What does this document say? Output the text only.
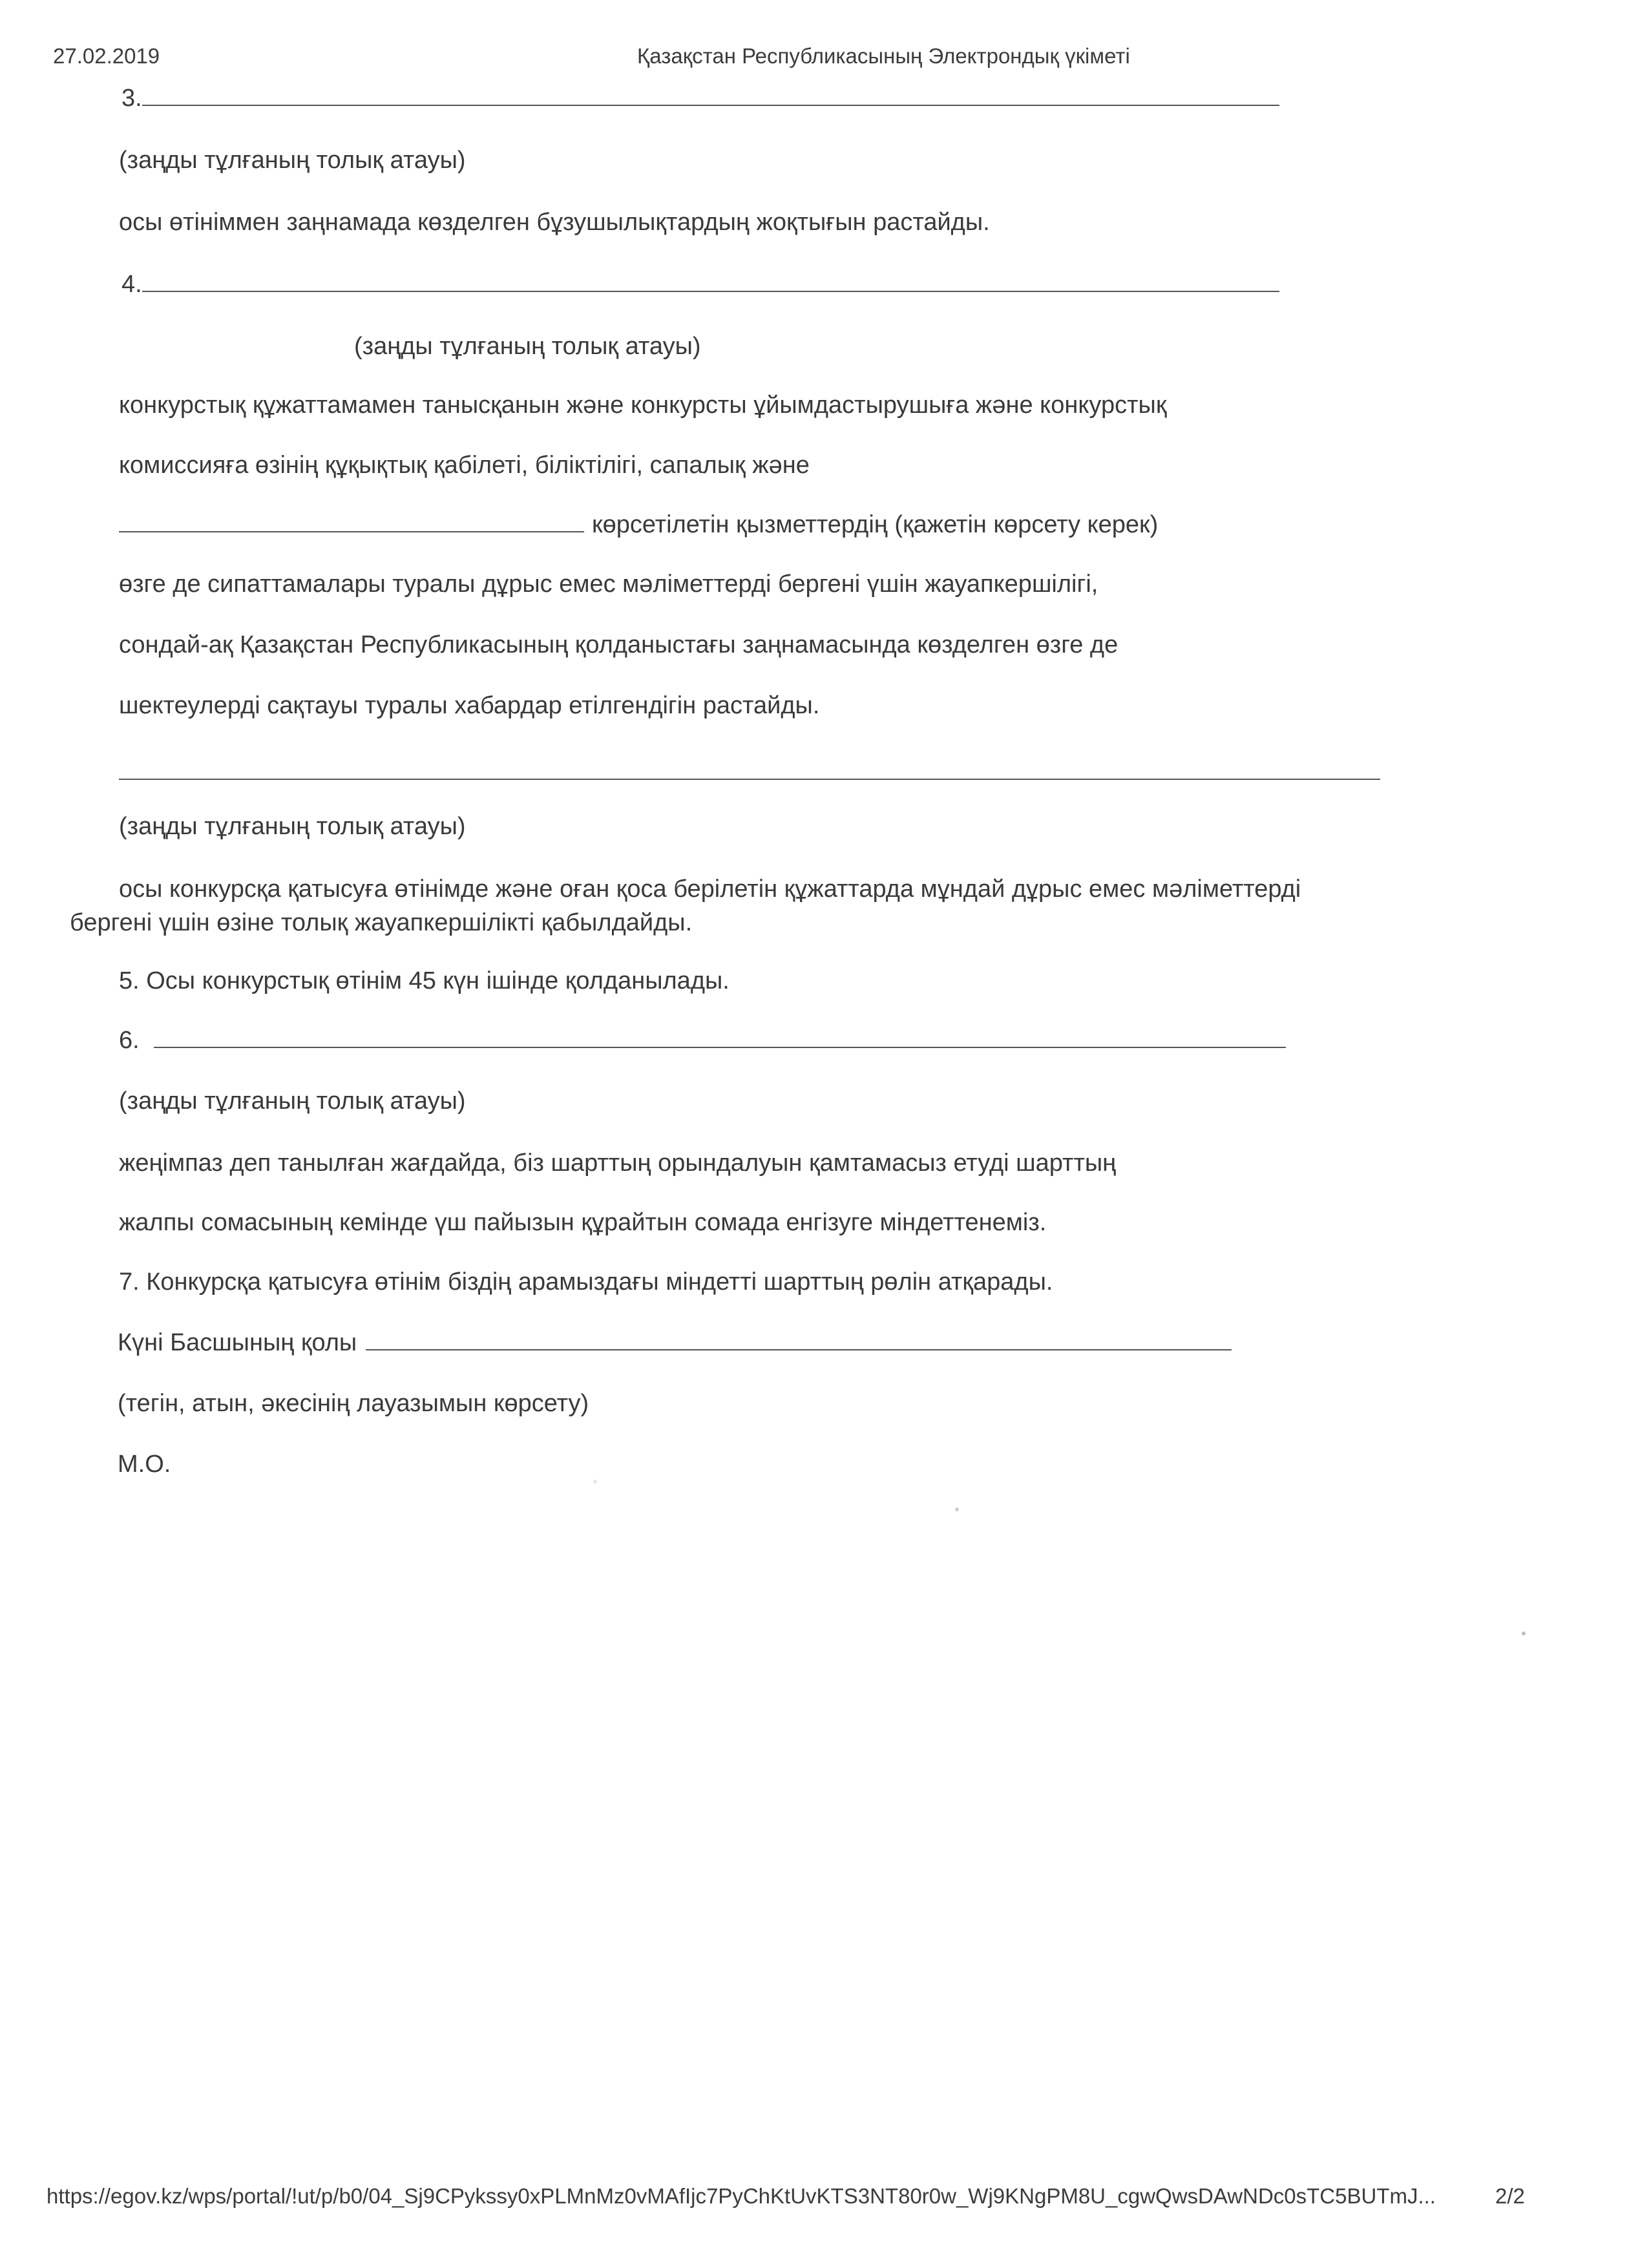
27.02.2019	Қазақстан Республикасының Электрондық үкіметі
3.
(заңды тұлғаның толық атауы)
осы өтініммен заңнамада көзделген бұзушылықтардың жоқтығын растайды.
4.
(заңды тұлғаның толық атауы)
конкурстық құжаттамамен танысқанын және конкурсты ұйымдастырушыға және конкурстық
комиссияға өзінің құқықтық қабілеті, біліктілігі, сапалық және
көрсетілетін қызметтердің (қажетін көрсету керек)
өзге де сипаттамалары туралы дұрыс емес мәліметтерді бергені үшін жауапкершілігі,
сондай-ақ Қазақстан Республикасының қолданыстағы заңнамасында көзделген өзге де
шектеулерді сақтауы туралы хабардар етілгендігін растайды.
(заңды тұлғаның толық атауы)
осы конкурсқа қатысуға өтінімде және оған қоса берілетін құжаттарда мұндай дұрыс емес мәліметтерді
бергені үшін өзіне толық жауапкершілікті қабылдайды.
5. Осы конкурстық өтінім 45 күн ішінде қолданылады.
6.
(заңды тұлғаның толық атауы)
жеңімпаз деп танылған жағдайда, біз шарттың орындалуын қамтамасыз етуді шарттың
жалпы сомасының кемінде үш пайызын құрайтын сомада енгізуге міндеттенеміз.
7. Конкурсқа қатысуға өтінім біздің арамыздағы міндетті шарттың рөлін атқарады.
Күні Басшының қолы
(тегін, атын, әкесінің лауазымын көрсету)
М.О.
https://egov.kz/wps/portal/!ut/p/b0/04_Sj9CPykssy0xPLMnMz0vMAfIjc7PyChKtUvKTS3NT80r0w_Wj9KNgPM8U_cgwQwsDAwNDc0sTC5BUTmJ...	2/2
